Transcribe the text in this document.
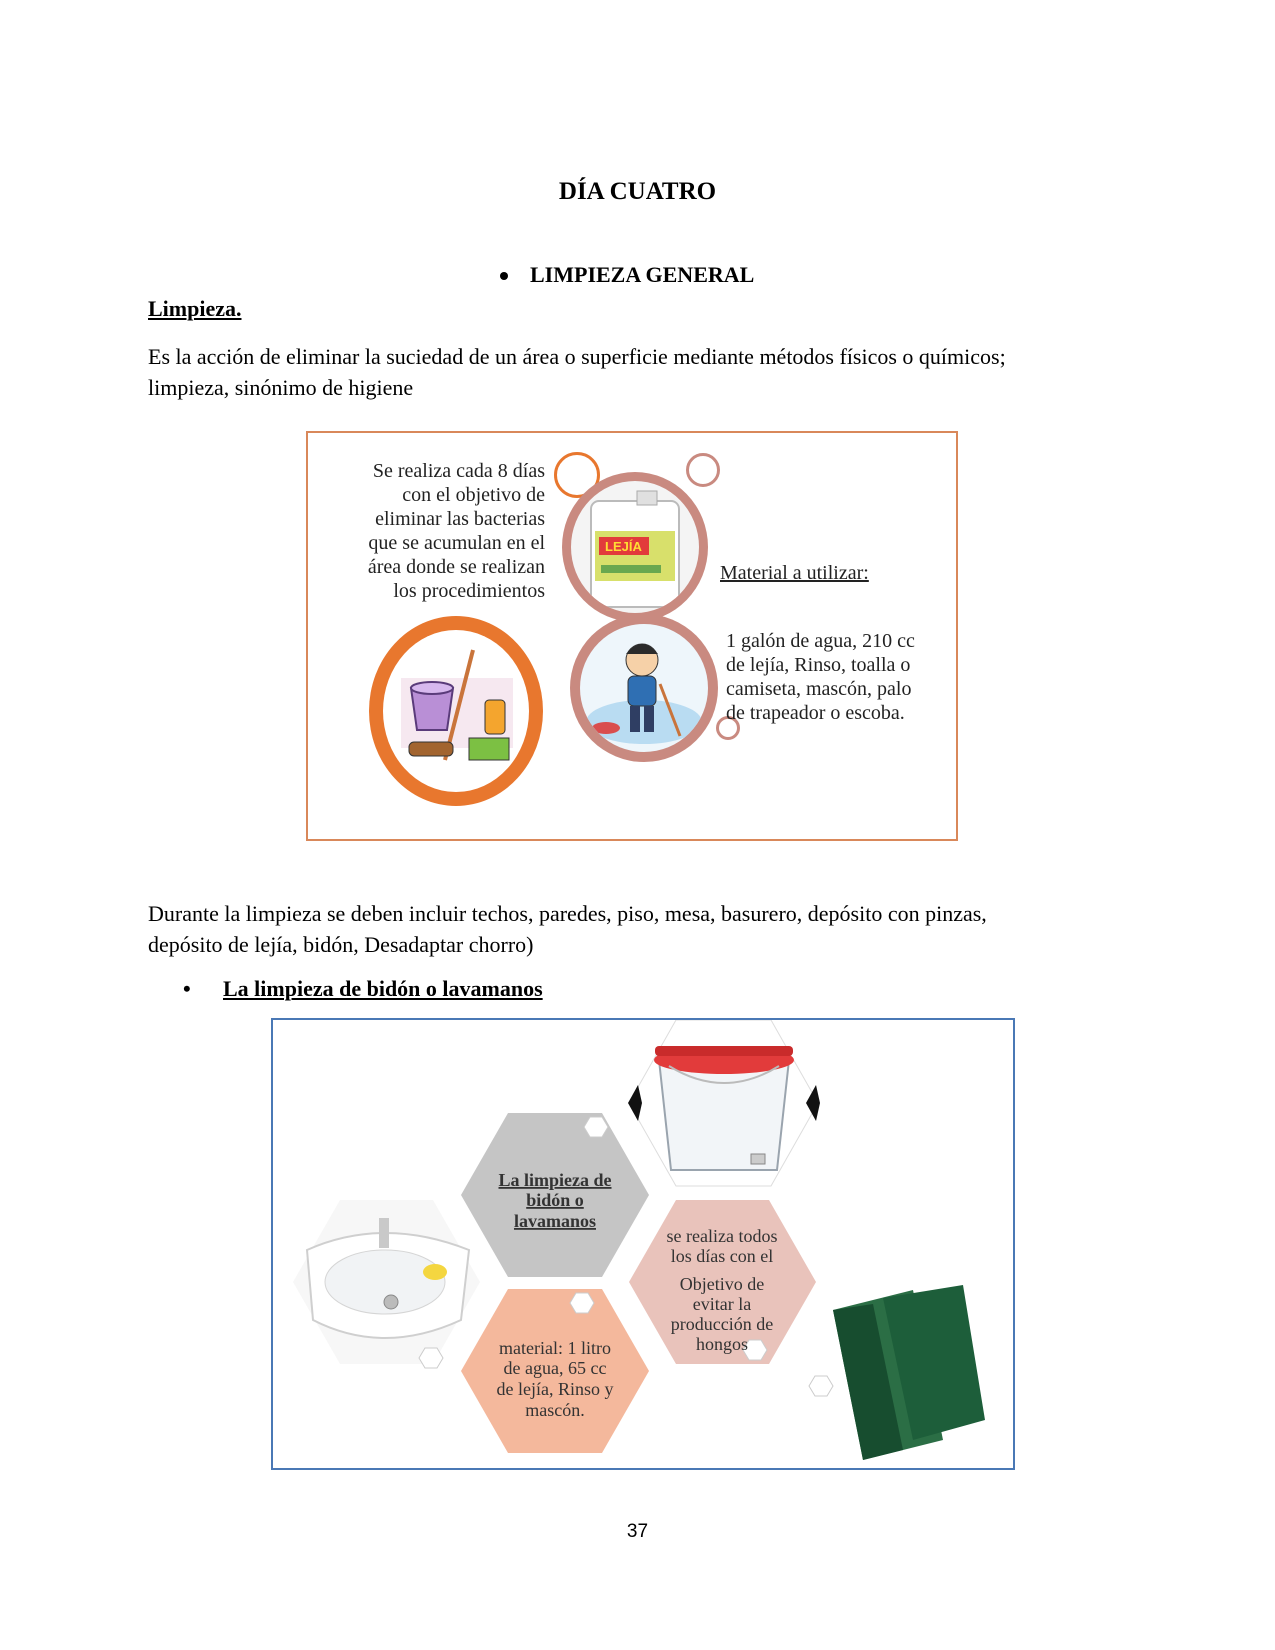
DÍA CUATRO
LIMPIEZA GENERAL
Limpieza.
Es la acción de eliminar la suciedad de un área o superficie mediante métodos físicos o químicos;
limpieza, sinónimo de higiene
Se realiza cada 8 días
con el objetivo de
eliminar las bacterias
que se acumulan en el
área donde se realizan
los procedimientos
LEJÍA
Material a utilizar:
1 galón de agua, 210 cc
de lejía, Rinso, toalla o
camiseta, mascón, palo
de trapeador o escoba.
Durante la limpieza se deben incluir techos, paredes, piso, mesa, basurero, depósito con pinzas,
depósito de lejía, bidón, Desadaptar chorro)
• La limpieza de bidón o lavamanos
La limpieza de
bidón o
lavamanos
se realiza todos
los días con el
Objetivo de
evitar la
producción de
hongos
material: 1 litro
de agua, 65 cc
de lejía, Rinso y
mascón.
37
